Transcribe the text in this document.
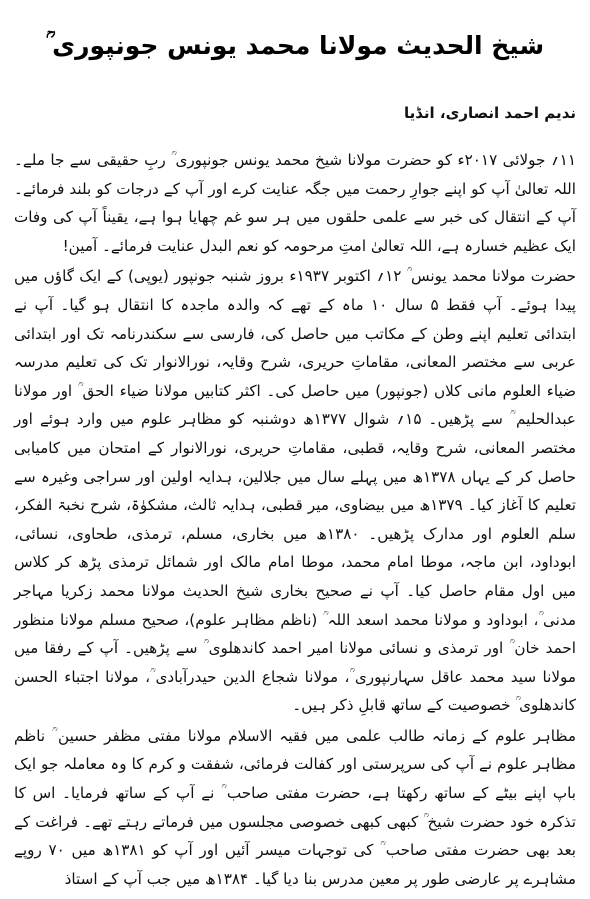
شیخ الحدیث مولانا محمد یونس جونپوری ؒ
ندیم احمد انصاری، انڈیا

۱۱؍ جولائی ۲۰۱۷ء کو حضرت مولانا شیخ محمد یونس جونپوری ؒ ربِ حقیقی سے جا ملے۔ اللہ تعالیٰ آپ کو اپنے جوارِ رحمت میں جگہ عنایت کرے اور آپ کے درجات کو بلند فرمائے۔ آپ کے انتقال کی خبر سے علمی حلقوں میں ہر سو غم چھایا ہوا ہے، یقیناً آپ کی وفات ایک عظیم خسارہ ہے، اللہ تعالیٰ امتِ مرحومہ کو نعم البدل عنایت فرمائے۔ آمین!

حضرت مولانا محمد یونس ؒ ۱۲؍ اکتوبر ۱۹۳۷ء بروز شنبہ جونپور (یوپی) کے ایک گاؤں میں پیدا ہوئے۔ آپ فقط ۵ سال ۱۰ ماہ کے تھے کہ والدہ ماجدہ کا انتقال ہو گیا۔ آپ نے ابتدائی تعلیم اپنے وطن کے مکاتب میں حاصل کی، فارسی سے سکندرنامہ تک اور ابتدائی عربی سے مختصر المعانی، مقاماتِ حریری، شرح وقایہ، نورالانوار تک کی تعلیم مدرسہ ضیاء العلوم مانی کلاں (جونپور) میں حاصل کی۔ اکثر کتابیں مولانا ضیاء الحق ؒ اور مولانا عبدالحلیم ؒ سے پڑھیں۔ ۱۵؍ شوال ۱۳۷۷ھ دوشنبہ کو مظاہر علوم میں وارد ہوئے اور مختصر المعانی، شرح وقایہ، قطبی، مقاماتِ حریری، نورالانوار کے امتحان میں کامیابی حاصل کر کے یہاں ۱۳۷۸ھ میں پہلے سال میں جلالین، ہدایہ اولین اور سراجی وغیرہ سے تعلیم کا آغاز کیا۔ ۱۳۷۹ھ میں بیضاوی، میر قطبی، ہدایہ ثالث، مشکوٰۃ، شرح نخبۃ الفکر، سلم العلوم اور مدارک پڑھیں۔ ۱۳۸۰ھ میں بخاری، مسلم، ترمذی، طحاوی، نسائی، ابوداود، ابن ماجہ، موطا امام محمد، موطا امام مالک اور شمائل ترمذی پڑھ کر کلاس میں اول مقام حاصل کیا۔ آپ نے صحیح بخاری شیخ الحدیث مولانا محمد زکریا مہاجر مدنی ؒ، ابوداود و مولانا محمد اسعد اللہ ؒ (ناظم مظاہر علوم)، صحیح مسلم مولانا منظور احمد خان ؒ اور ترمذی و نسائی مولانا امیر احمد کاندھلوی ؒ سے پڑھیں۔ آپ کے رفقا میں مولانا سید محمد عاقل سہارنپوری ؒ، مولانا شجاع الدین حیدرآبادی ؒ، مولانا اجتباء الحسن کاندھلوی ؒ خصوصیت کے ساتھ قابلِ ذکر ہیں۔

مظاہر علوم کے زمانہ طالب علمی میں فقیہ الاسلام مولانا مفتی مظفر حسین ؒ ناظم مظاہر علوم نے آپ کی سرپرستی اور کفالت فرمائی، شفقت و کرم کا وہ معاملہ جو ایک باپ اپنے بیٹے کے ساتھ رکھتا ہے، حضرت مفتی صاحب ؒ نے آپ کے ساتھ فرمایا۔ اس کا تذکرہ خود حضرت شیخ ؒ کبھی کبھی خصوصی مجلسوں میں فرماتے رہتے تھے۔ فراغت کے بعد بھی حضرت مفتی صاحب ؒ کی توجہات میسر آئیں اور آپ کو ۱۳۸۱ھ میں ۷۰ روپے مشاہرے پر عارضی طور پر معین مدرس بنا دیا گیا۔ ۱۳۸۴ھ میں جب آپ کے استاذ
